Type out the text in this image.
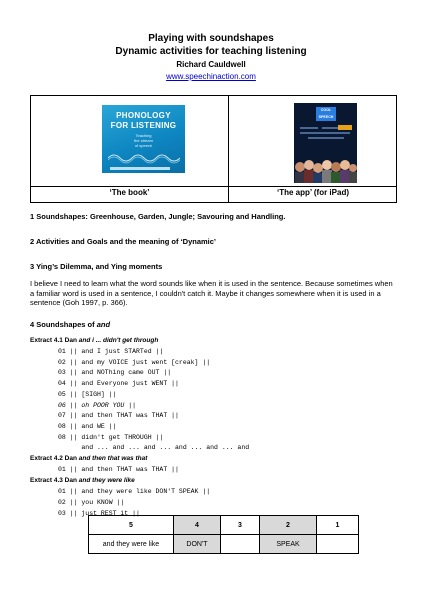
Playing with soundshapes
Dynamic activities for teaching listening
Richard Cauldwell
www.speechinaction.com
PHONOLOGY
FOR LISTENING
Teaching
the stream
of speech
COOL
SPEECH
‘The book’	‘The app’ (for iPad)
1 Soundshapes: Greenhouse, Garden, Jungle; Savouring and Handling.
2 Activities and Goals and the meaning of ‘Dynamic’
3 Ying’s Dilemma, and Ying moments
I believe I need to learn what the word sounds like when it is used in the sentence. Because sometimes when a familiar word is used in a sentence, I couldn't catch it. Maybe it changes somewhere when it is used in a sentence (Goh 1997, p. 366).
4 Soundshapes of and
Extract 4.1 Dan and i ... didn't get through
01 || and I just STARTed ||
02 || and my VOICE just went [creak] ||
03 || and NOThing came OUT ||
04 || and Everyone just WENT ||
05 || [SIGH] ||
06 || oh POOR YOU ||
07 || and then THAT was THAT ||
08 || and WE ||
08 || didn't get THROUGH ||
and ... and ... and ... and ... and ... and
Extract 4.2 Dan and then that was that
01 || and then THAT was THAT ||
Extract 4.3 Dan and they were like
01 || and they were like DON'T SPEAK ||
02 || you KNOW ||
03 || just REST it ||
5	4	3	2	1
and they were like	DON'T		SPEAK	
